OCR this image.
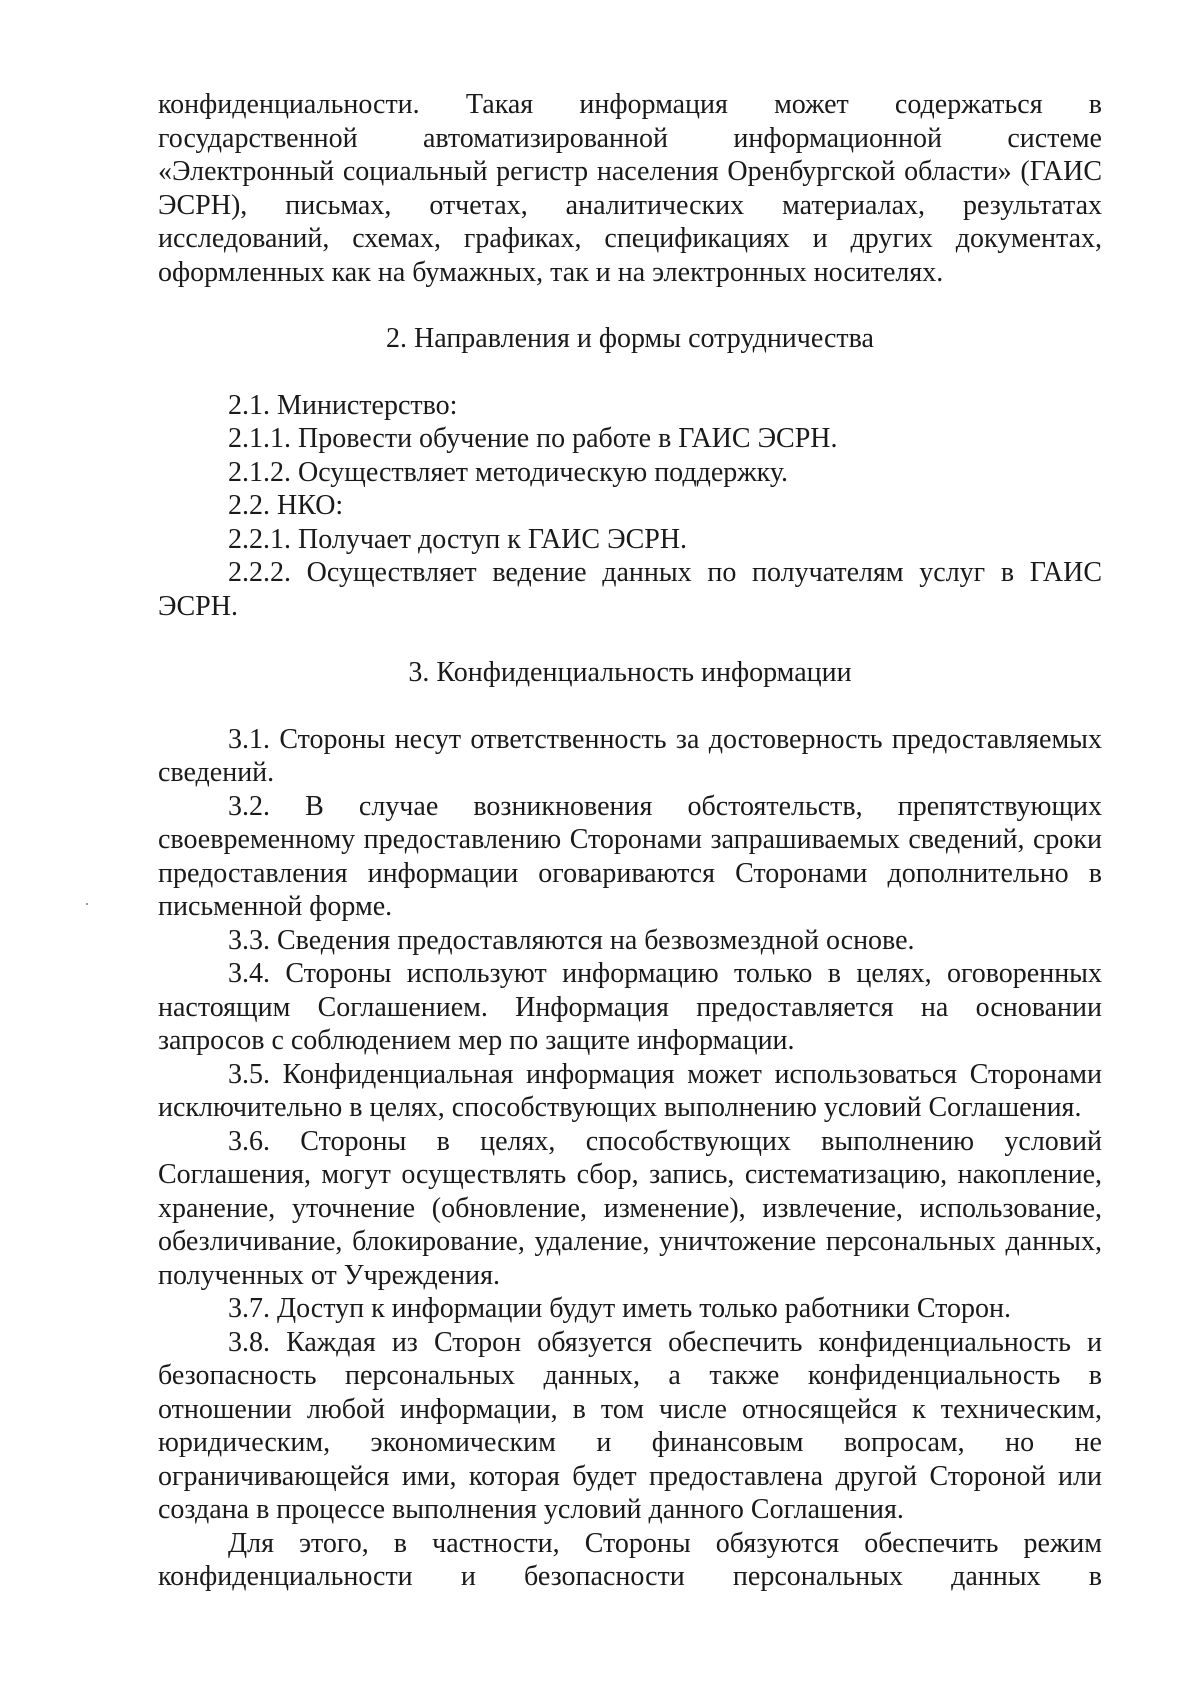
конфиденциальности. Такая информация может содержаться в государственной автоматизированной информационной системе «Электронный социальный регистр населения Оренбургской области» (ГАИС ЭСРН), письмах, отчетах, аналитических материалах, результатах исследований, схемах, графиках, спецификациях и других документах, оформленных как на бумажных, так и на электронных носителях.

2. Направления и формы сотрудничества

2.1. Министерство:

2.1.1. Провести обучение по работе в ГАИС ЭСРН.

2.1.2. Осуществляет методическую поддержку.

2.2. НКО:

2.2.1. Получает доступ к ГАИС ЭСРН.

2.2.2. Осуществляет ведение данных по получателям услуг в ГАИС ЭСРН.

3. Конфиденциальность информации

3.1. Стороны несут ответственность за достоверность предоставляемых сведений.

3.2. В случае возникновения обстоятельств, препятствующих своевременному предоставлению Сторонами запрашиваемых сведений, сроки предоставления информации оговариваются Сторонами дополнительно в письменной форме.

3.3. Сведения предоставляются на безвозмездной основе.

3.4. Стороны используют информацию только в целях, оговоренных настоящим Соглашением. Информация предоставляется на основании запросов с соблюдением мер по защите информации.

3.5. Конфиденциальная информация может использоваться Сторонами исключительно в целях, способствующих выполнению условий Соглашения.

3.6. Стороны в целях, способствующих выполнению условий Соглашения, могут осуществлять сбор, запись, систематизацию, накопление, хранение, уточнение (обновление, изменение), извлечение, использование, обезличивание, блокирование, удаление, уничтожение персональных данных, полученных от Учреждения.

3.7. Доступ к информации будут иметь только работники Сторон.

3.8. Каждая из Сторон обязуется обеспечить конфиденциальность и безопасность персональных данных, а также конфиденциальность в отношении любой информации, в том числе относящейся к техническим, юридическим, экономическим и финансовым вопросам, но не ограничивающейся ими, которая будет предоставлена другой Стороной или создана в процессе выполнения условий данного Соглашения.

Для этого, в частности, Стороны обязуются обеспечить режим конфиденциальности и безопасности персональных данных в
